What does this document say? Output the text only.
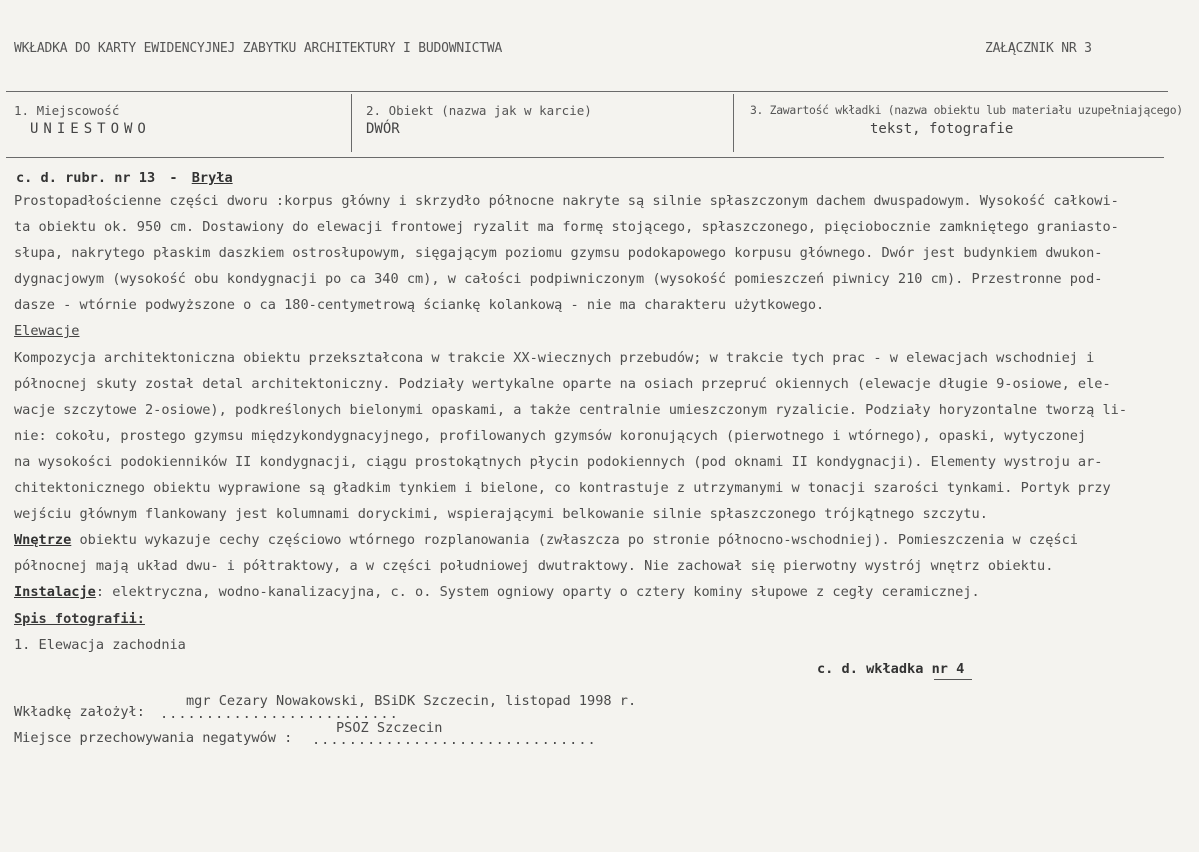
WKŁADKA DO KARTY EWIDENCYJNEJ ZABYTKU ARCHITEKTURY I BUDOWNICTWA	ZAŁĄCZNIK NR 3
1. Miejscowość
UNIESTOWO
2. Obiekt (nazwa jak w karcie)
DWÓR
3. Zawartość wkładki (nazwa obiektu lub materiału uzupełniającego)
tekst, fotografie
c. d. rubr. nr 13 - Bryła
Prostopadłościenne części dworu :korpus główny i skrzydło północne nakryte są silnie spłaszczonym dachem dwuspadowym. Wysokość całkowi-
ta obiektu ok. 950 cm. Dostawiony do elewacji frontowej ryzalit ma formę stojącego, spłaszczonego, pięciobocznie zamkniętego graniasto-
słupa, nakrytego płaskim daszkiem ostrosłupowym, sięgającym poziomu gzymsu podokapowego korpusu głównego. Dwór jest budynkiem dwukon-
dygnacjowym (wysokość obu kondygnacji po ca 340 cm), w całości podpiwniczonym (wysokość pomieszczeń piwnicy 210 cm). Przestronne pod-
dasze - wtórnie podwyższone o ca 180-centymetrową ściankę kolankową - nie ma charakteru użytkowego.
Elewacje
Kompozycja architektoniczna obiektu przekształcona w trakcie XX-wiecznych przebudów; w trakcie tych prac - w elewacjach wschodniej i
północnej skuty został detal architektoniczny. Podziały wertykalne oparte na osiach przepruć okiennych (elewacje długie 9-osiowe, ele-
wacje szczytowe 2-osiowe), podkreślonych bielonymi opaskami, a także centralnie umieszczonym ryzalicie. Podziały horyzontalne tworzą li-
nie: cokołu, prostego gzymsu międzykondygnacyjnego, profilowanych gzymsów koronujących (pierwotnego i wtórnego), opaski, wytyczonej
na wysokości podokienników II kondygnacji, ciągu prostokątnych płycin podokiennych (pod oknami II kondygnacji). Elementy wystroju ar-
chitektonicznego obiektu wyprawione są gładkim tynkiem i bielone, co kontrastuje z utrzymanymi w tonacji szarości tynkami. Portyk przy
wejściu głównym flankowany jest kolumnami doryckimi, wspierającymi belkowanie silnie spłaszczonego trójkątnego szczytu.
Wnętrze obiektu wykazuje cechy częściowo wtórnego rozplanowania (zwłaszcza po stronie północno-wschodniej). Pomieszczenia w części
północnej mają układ dwu- i półtraktowy, a w części południowej dwutraktowy. Nie zachował się pierwotny wystrój wnętrz obiektu.
Instalacje: elektryczna, wodno-kanalizacyjna, c. o. System ogniowy oparty o cztery kominy słupowe z cegły ceramicznej.
Spis fotografii:
1. Elewacja zachodnia
c. d. wkładka nr 4
Wkładkę założył: ..........................
mgr Cezary Nowakowski, BSiDK Szczecin, listopad 1998 r.
Miejsce przechowywania negatywów : ...............................
PSOZ Szczecin
